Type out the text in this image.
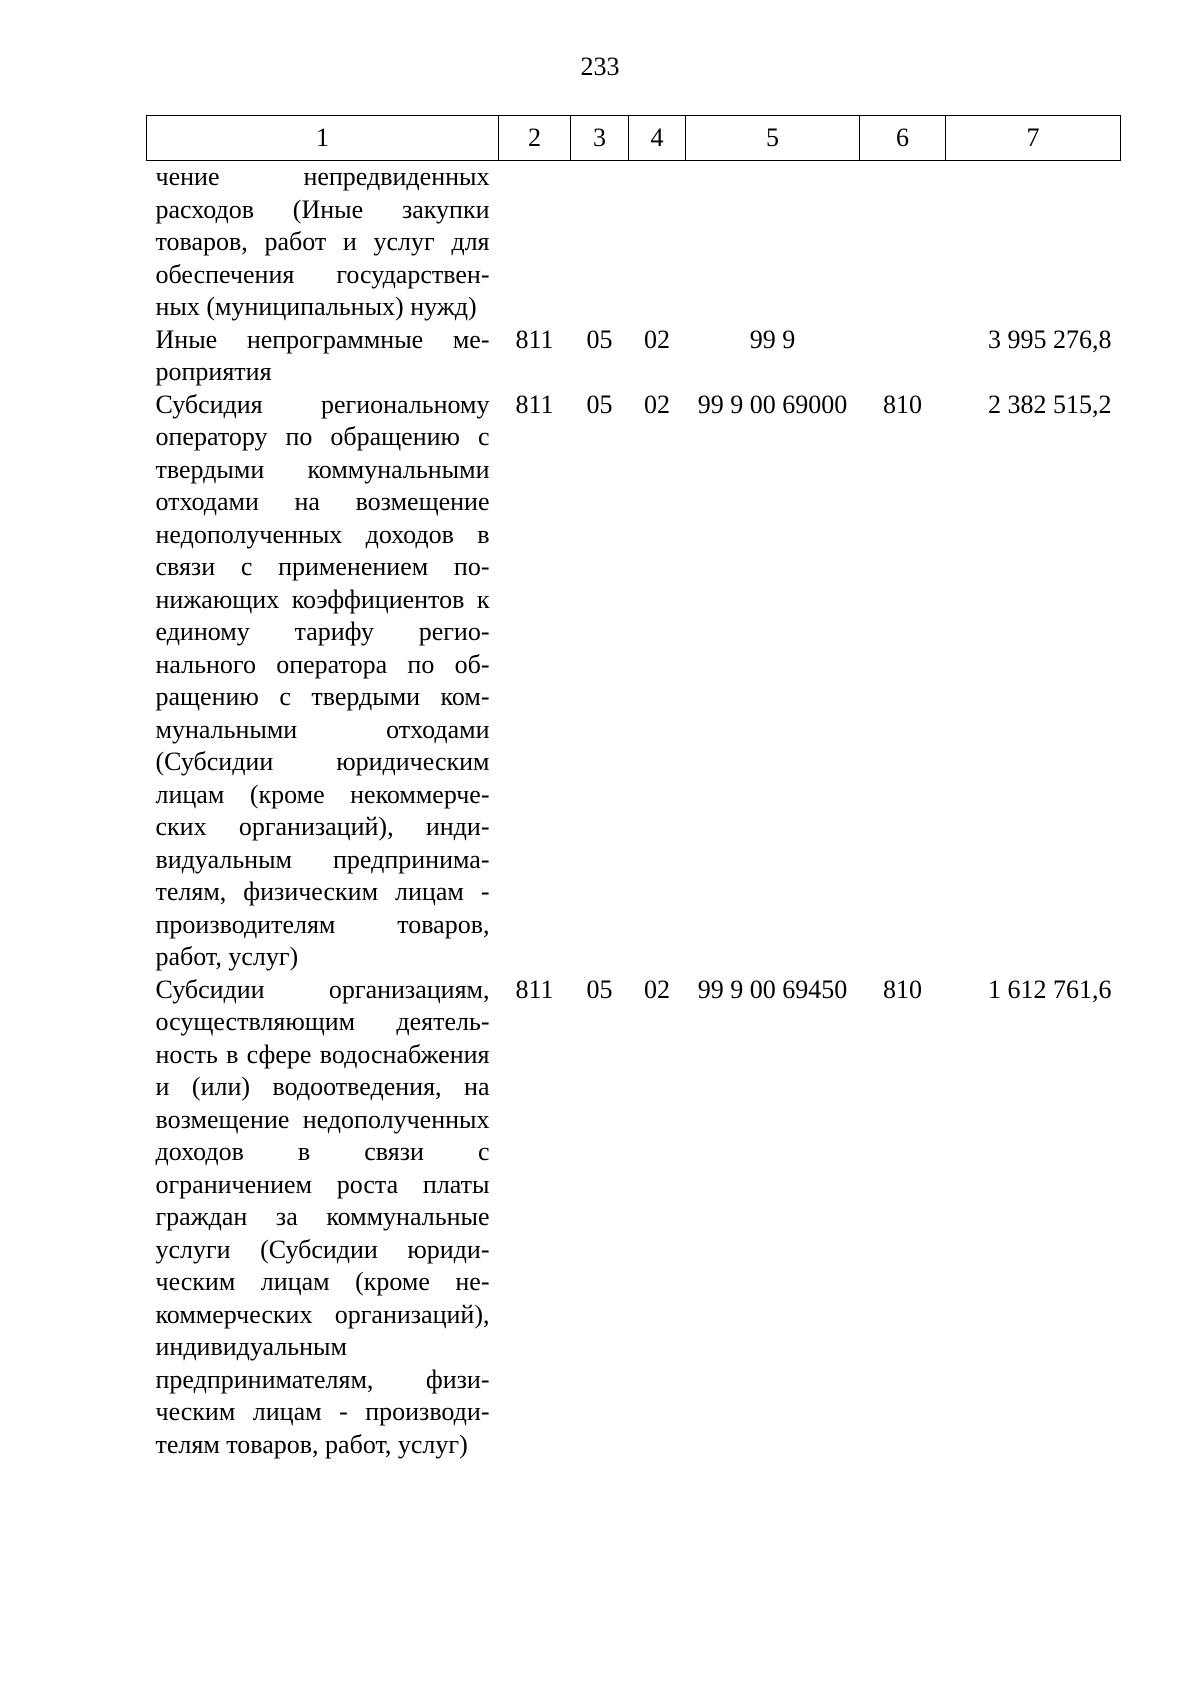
233
1	2	3	4	5	6	7
чение непредвиденных расходов (Иные закупки товаров, работ и услуг для обеспечения государственных (муниципальных) нужд)						
Иные непрограммные мероприятия	811	05	02	99 9		3 995 276,8
Субсидия региональному оператору по обращению с твердыми коммунальными отходами на возмещение недополученных доходов в связи с применением понижающих коэффициентов к единому тарифу регионального оператора по обращению с твердыми коммунальными отходами (Субсидии юридическим лицам (кроме некоммерческих организаций), индивидуальным предпринимателям, физическим лицам - производителям товаров, работ, услуг)	811	05	02	99 9 00 69000	810	2 382 515,2
Субсидии организациям, осуществляющим деятельность в сфере водоснабжения и (или) водоотведения, на возмещение недополученных доходов в связи с ограничением роста платы граждан за коммунальные услуги (Субсидии юридическим лицам (кроме некоммерческих организаций), индивидуальным предпринимателям, физическим лицам - производителям товаров, работ, услуг)	811	05	02	99 9 00 69450	810	1 612 761,6
